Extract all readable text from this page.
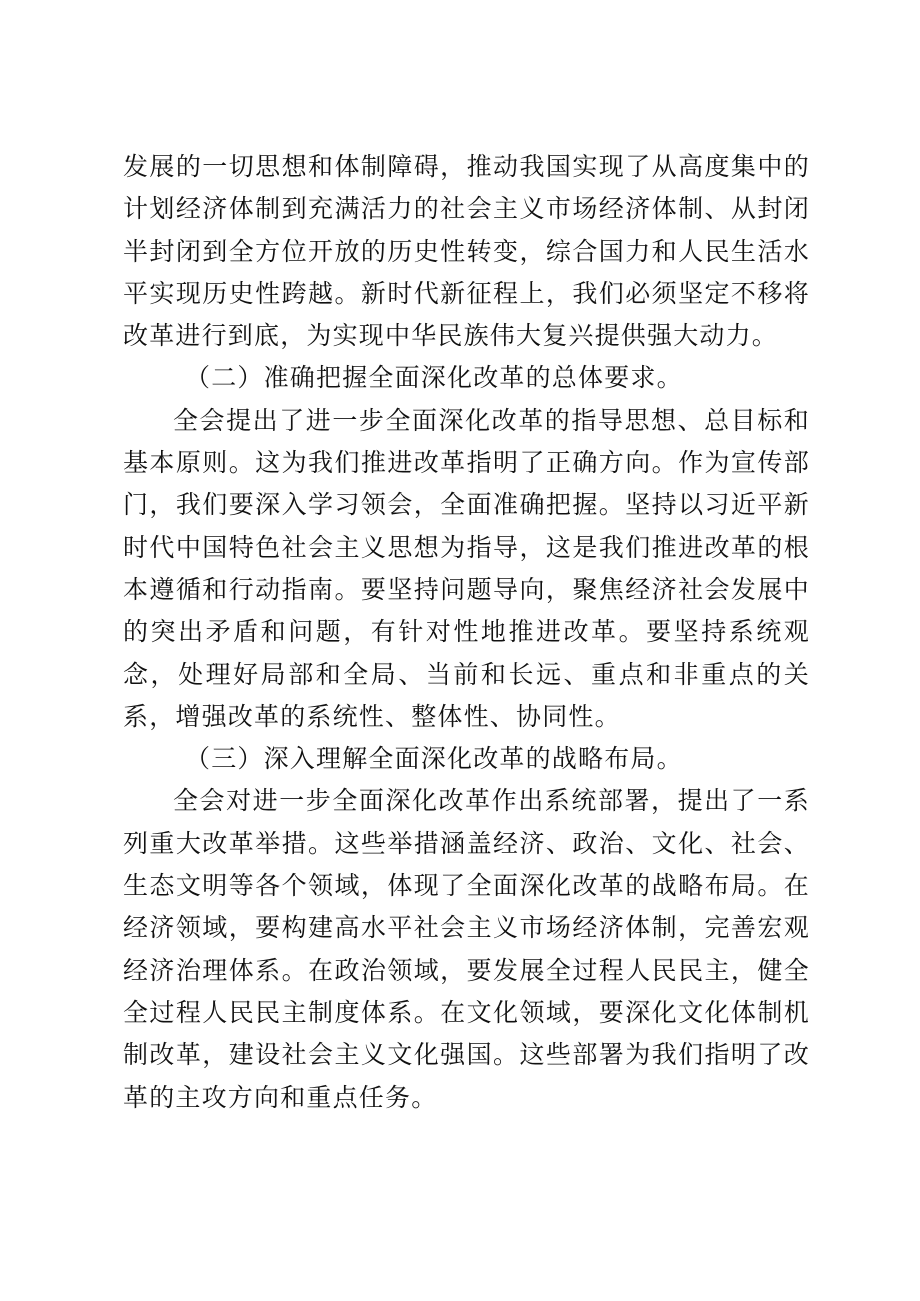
发展的一切思想和体制障碍，推动我国实现了从高度集中的计划经济体制到充满活力的社会主义市场经济体制、从封闭半封闭到全方位开放的历史性转变，综合国力和人民生活水平实现历史性跨越。新时代新征程上，我们必须坚定不移将改革进行到底，为实现中华民族伟大复兴提供强大动力。

（二）准确把握全面深化改革的总体要求。

全会提出了进一步全面深化改革的指导思想、总目标和基本原则。这为我们推进改革指明了正确方向。作为宣传部门，我们要深入学习领会，全面准确把握。坚持以习近平新时代中国特色社会主义思想为指导，这是我们推进改革的根本遵循和行动指南。要坚持问题导向，聚焦经济社会发展中的突出矛盾和问题，有针对性地推进改革。要坚持系统观念，处理好局部和全局、当前和长远、重点和非重点的关系，增强改革的系统性、整体性、协同性。

（三）深入理解全面深化改革的战略布局。

全会对进一步全面深化改革作出系统部署，提出了一系列重大改革举措。这些举措涵盖经济、政治、文化、社会、生态文明等各个领域，体现了全面深化改革的战略布局。在经济领域，要构建高水平社会主义市场经济体制，完善宏观经济治理体系。在政治领域，要发展全过程人民民主，健全全过程人民民主制度体系。在文化领域，要深化文化体制机制改革，建设社会主义文化强国。这些部署为我们指明了改革的主攻方向和重点任务。
